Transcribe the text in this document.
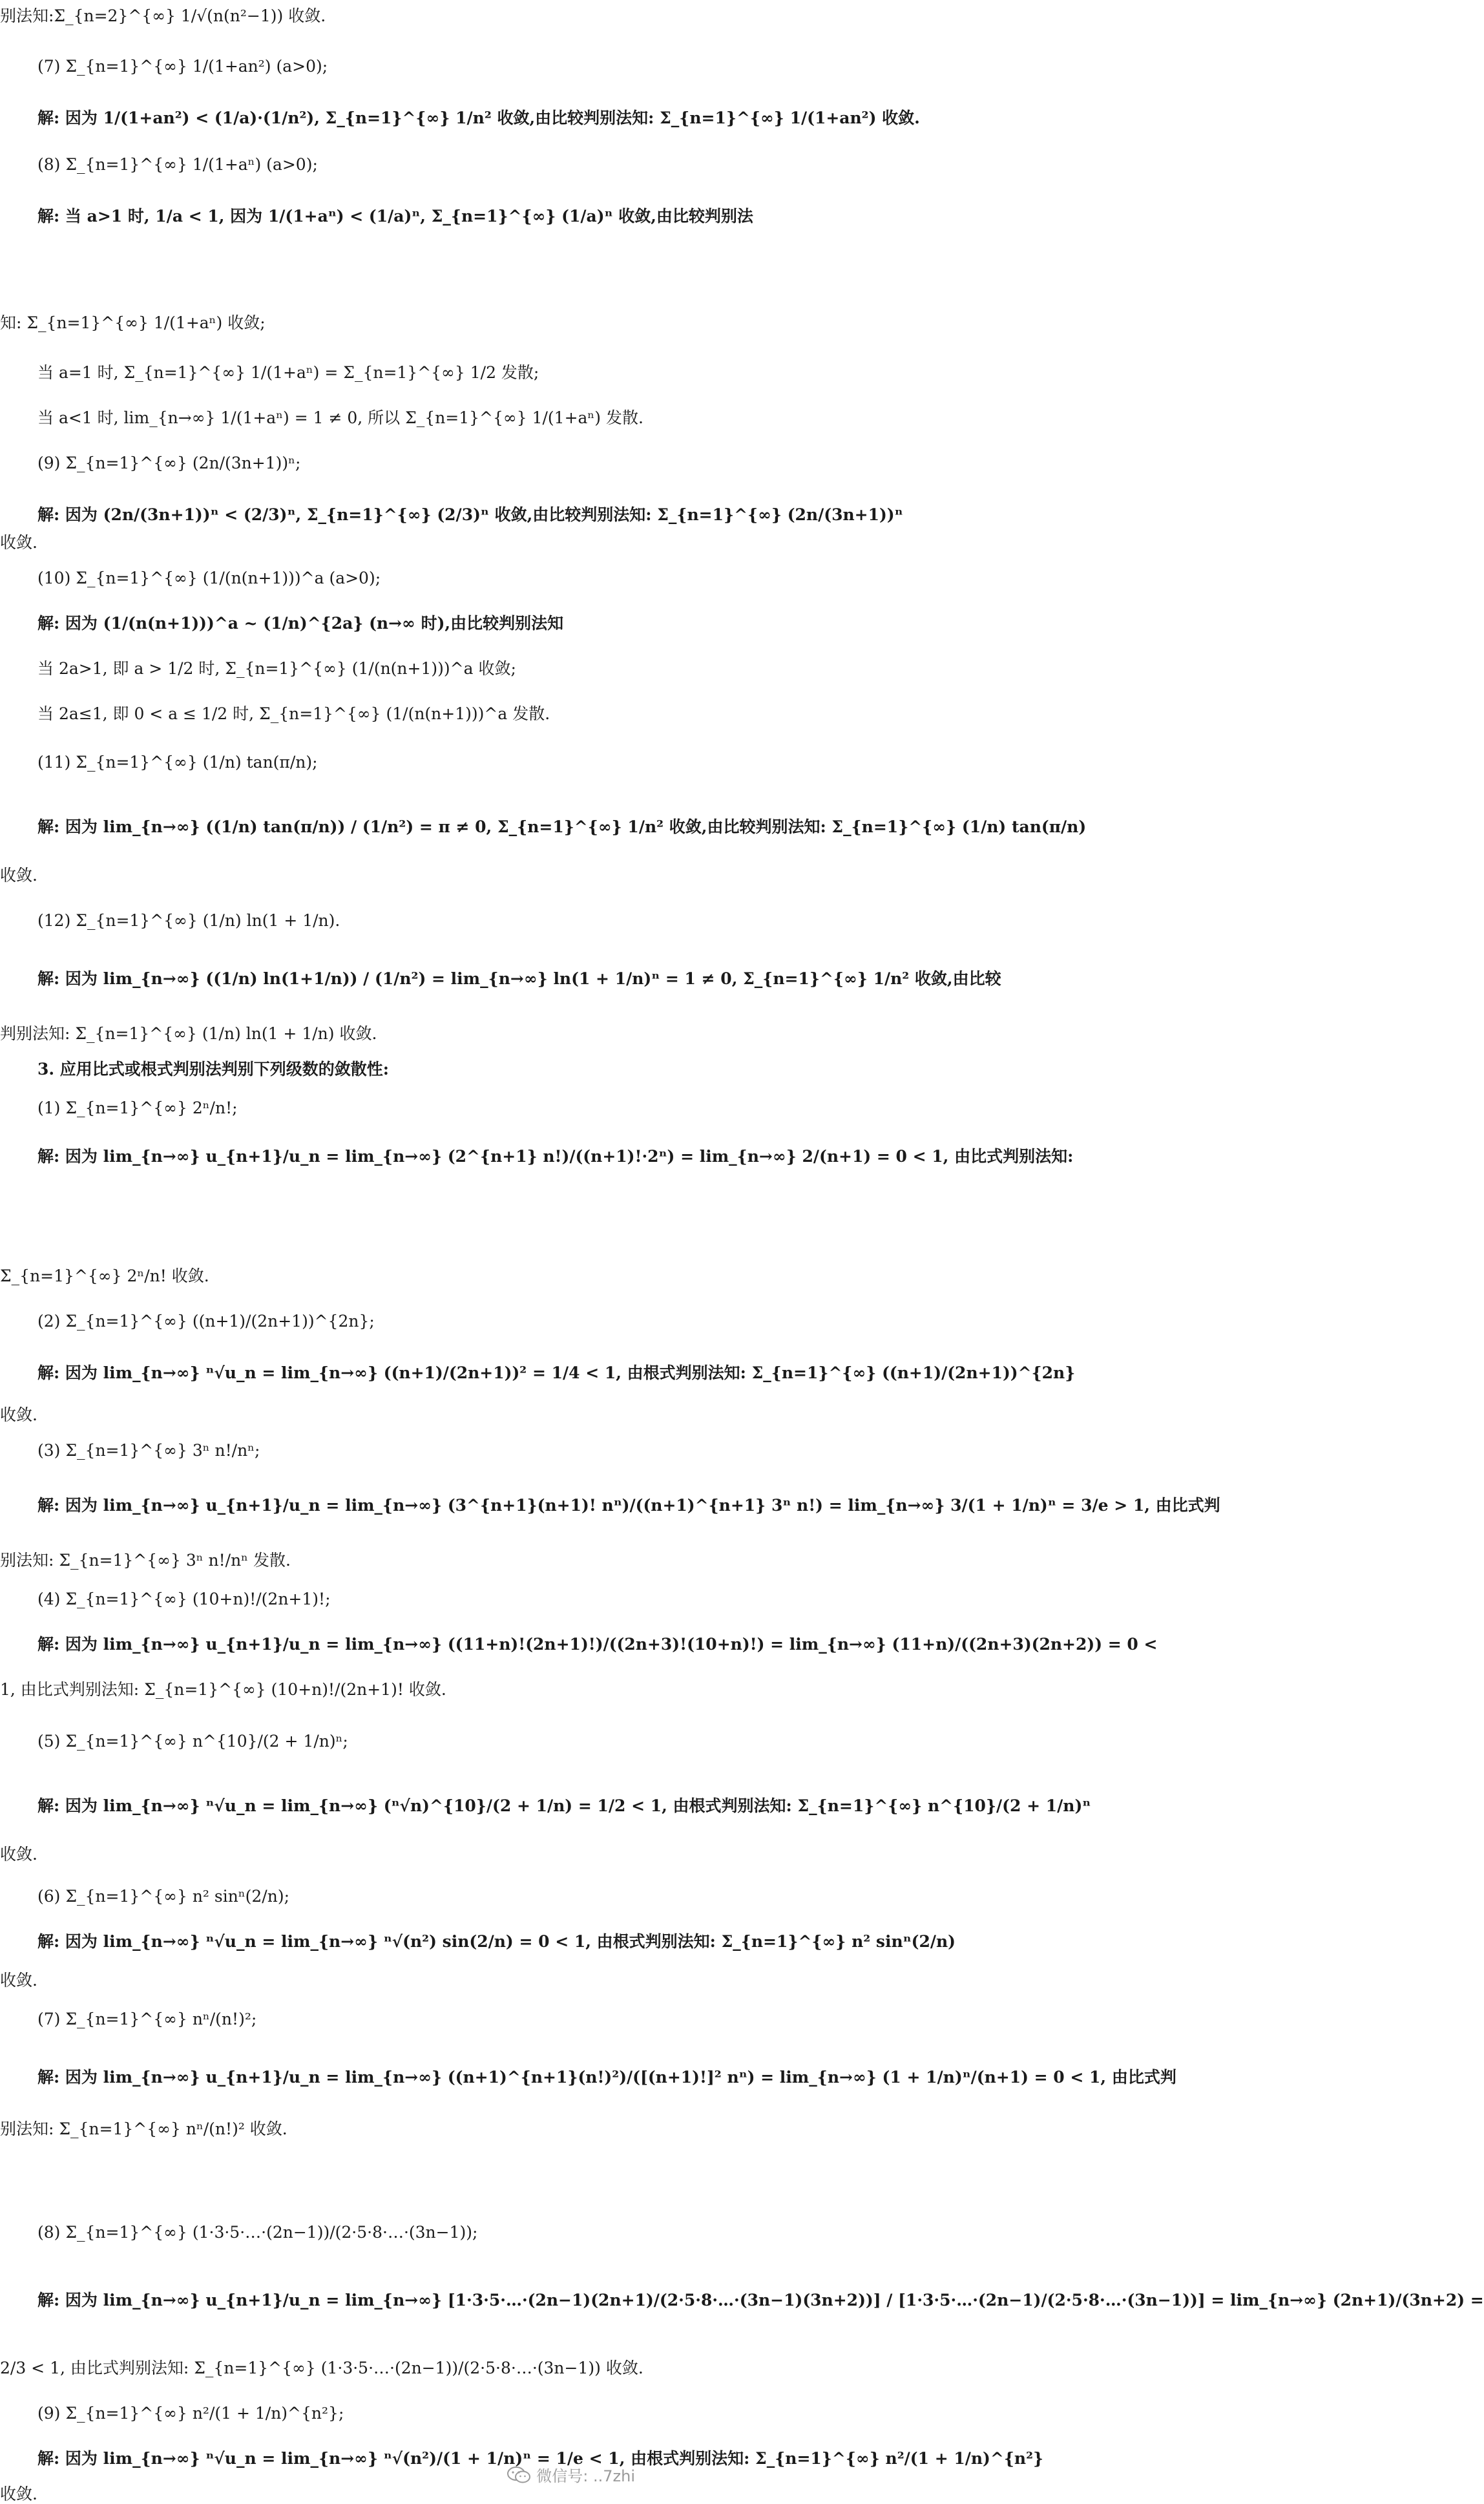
别法知:Σ_{n=2}^{∞} 1/√(n(n²−1)) 收敛.
(7) Σ_{n=1}^{∞} 1/(1+an²) (a>0);
解: 因为 1/(1+an²) < (1/a)·(1/n²), Σ_{n=1}^{∞} 1/n² 收敛,由比较判别法知: Σ_{n=1}^{∞} 1/(1+an²) 收敛.
(8) Σ_{n=1}^{∞} 1/(1+aⁿ) (a>0);
解: 当 a>1 时, 1/a < 1, 因为 1/(1+aⁿ) < (1/a)ⁿ, Σ_{n=1}^{∞} (1/a)ⁿ 收敛,由比较判别法
知: Σ_{n=1}^{∞} 1/(1+aⁿ) 收敛;
当 a=1 时, Σ_{n=1}^{∞} 1/(1+aⁿ) = Σ_{n=1}^{∞} 1/2 发散;
当 a<1 时, lim_{n→∞} 1/(1+aⁿ) = 1 ≠ 0, 所以 Σ_{n=1}^{∞} 1/(1+aⁿ) 发散.
(9) Σ_{n=1}^{∞} (2n/(3n+1))ⁿ;
解: 因为 (2n/(3n+1))ⁿ < (2/3)ⁿ, Σ_{n=1}^{∞} (2/3)ⁿ 收敛,由比较判别法知: Σ_{n=1}^{∞} (2n/(3n+1))ⁿ
收敛.
(10) Σ_{n=1}^{∞} (1/(n(n+1)))^a (a>0);
解: 因为 (1/(n(n+1)))^a ~ (1/n)^{2a} (n→∞ 时),由比较判别法知
当 2a>1, 即 a > 1/2 时, Σ_{n=1}^{∞} (1/(n(n+1)))^a 收敛;
当 2a≤1, 即 0 < a ≤ 1/2 时, Σ_{n=1}^{∞} (1/(n(n+1)))^a 发散.
(11) Σ_{n=1}^{∞} (1/n) tan(π/n);
解: 因为 lim_{n→∞} ((1/n) tan(π/n)) / (1/n²) = π ≠ 0, Σ_{n=1}^{∞} 1/n² 收敛,由比较判别法知: Σ_{n=1}^{∞} (1/n) tan(π/n)
收敛.
(12) Σ_{n=1}^{∞} (1/n) ln(1 + 1/n).
解: 因为 lim_{n→∞} ((1/n) ln(1+1/n)) / (1/n²) = lim_{n→∞} ln(1 + 1/n)ⁿ = 1 ≠ 0, Σ_{n=1}^{∞} 1/n² 收敛,由比较
判别法知: Σ_{n=1}^{∞} (1/n) ln(1 + 1/n) 收敛.
3. 应用比式或根式判别法判别下列级数的敛散性:
(1) Σ_{n=1}^{∞} 2ⁿ/n!;
解: 因为 lim_{n→∞} u_{n+1}/u_n = lim_{n→∞} (2^{n+1} n!)/((n+1)!·2ⁿ) = lim_{n→∞} 2/(n+1) = 0 < 1, 由比式判别法知:
Σ_{n=1}^{∞} 2ⁿ/n! 收敛.
(2) Σ_{n=1}^{∞} ((n+1)/(2n+1))^{2n};
解: 因为 lim_{n→∞} ⁿ√u_n = lim_{n→∞} ((n+1)/(2n+1))² = 1/4 < 1, 由根式判别法知: Σ_{n=1}^{∞} ((n+1)/(2n+1))^{2n}
收敛.
(3) Σ_{n=1}^{∞} 3ⁿ n!/nⁿ;
解: 因为 lim_{n→∞} u_{n+1}/u_n = lim_{n→∞} (3^{n+1}(n+1)! nⁿ)/((n+1)^{n+1} 3ⁿ n!) = lim_{n→∞} 3/(1 + 1/n)ⁿ = 3/e > 1, 由比式判
别法知: Σ_{n=1}^{∞} 3ⁿ n!/nⁿ 发散.
(4) Σ_{n=1}^{∞} (10+n)!/(2n+1)!;
解: 因为 lim_{n→∞} u_{n+1}/u_n = lim_{n→∞} ((11+n)!(2n+1)!)/((2n+3)!(10+n)!) = lim_{n→∞} (11+n)/((2n+3)(2n+2)) = 0 <
1, 由比式判别法知: Σ_{n=1}^{∞} (10+n)!/(2n+1)! 收敛.
(5) Σ_{n=1}^{∞} n^{10}/(2 + 1/n)ⁿ;
解: 因为 lim_{n→∞} ⁿ√u_n = lim_{n→∞} (ⁿ√n)^{10}/(2 + 1/n) = 1/2 < 1, 由根式判别法知: Σ_{n=1}^{∞} n^{10}/(2 + 1/n)ⁿ
收敛.
(6) Σ_{n=1}^{∞} n² sinⁿ(2/n);
解: 因为 lim_{n→∞} ⁿ√u_n = lim_{n→∞} ⁿ√(n²) sin(2/n) = 0 < 1, 由根式判别法知: Σ_{n=1}^{∞} n² sinⁿ(2/n)
收敛.
(7) Σ_{n=1}^{∞} nⁿ/(n!)²;
解: 因为 lim_{n→∞} u_{n+1}/u_n = lim_{n→∞} ((n+1)^{n+1}(n!)²)/([(n+1)!]² nⁿ) = lim_{n→∞} (1 + 1/n)ⁿ/(n+1) = 0 < 1, 由比式判
别法知: Σ_{n=1}^{∞} nⁿ/(n!)² 收敛.
(8) Σ_{n=1}^{∞} (1·3·5·…·(2n−1))/(2·5·8·…·(3n−1));
解: 因为 lim_{n→∞} u_{n+1}/u_n = lim_{n→∞} [1·3·5·…·(2n−1)(2n+1)/(2·5·8·…·(3n−1)(3n+2))] / [1·3·5·…·(2n−1)/(2·5·8·…·(3n−1))] = lim_{n→∞} (2n+1)/(3n+2) =
2/3 < 1, 由比式判别法知: Σ_{n=1}^{∞} (1·3·5·…·(2n−1))/(2·5·8·…·(3n−1)) 收敛.
(9) Σ_{n=1}^{∞} n²/(1 + 1/n)^{n²};
解: 因为 lim_{n→∞} ⁿ√u_n = lim_{n→∞} ⁿ√(n²)/(1 + 1/n)ⁿ = 1/e < 1, 由根式判别法知: Σ_{n=1}^{∞} n²/(1 + 1/n)^{n²}
收敛.
微信号: ..7zhi
